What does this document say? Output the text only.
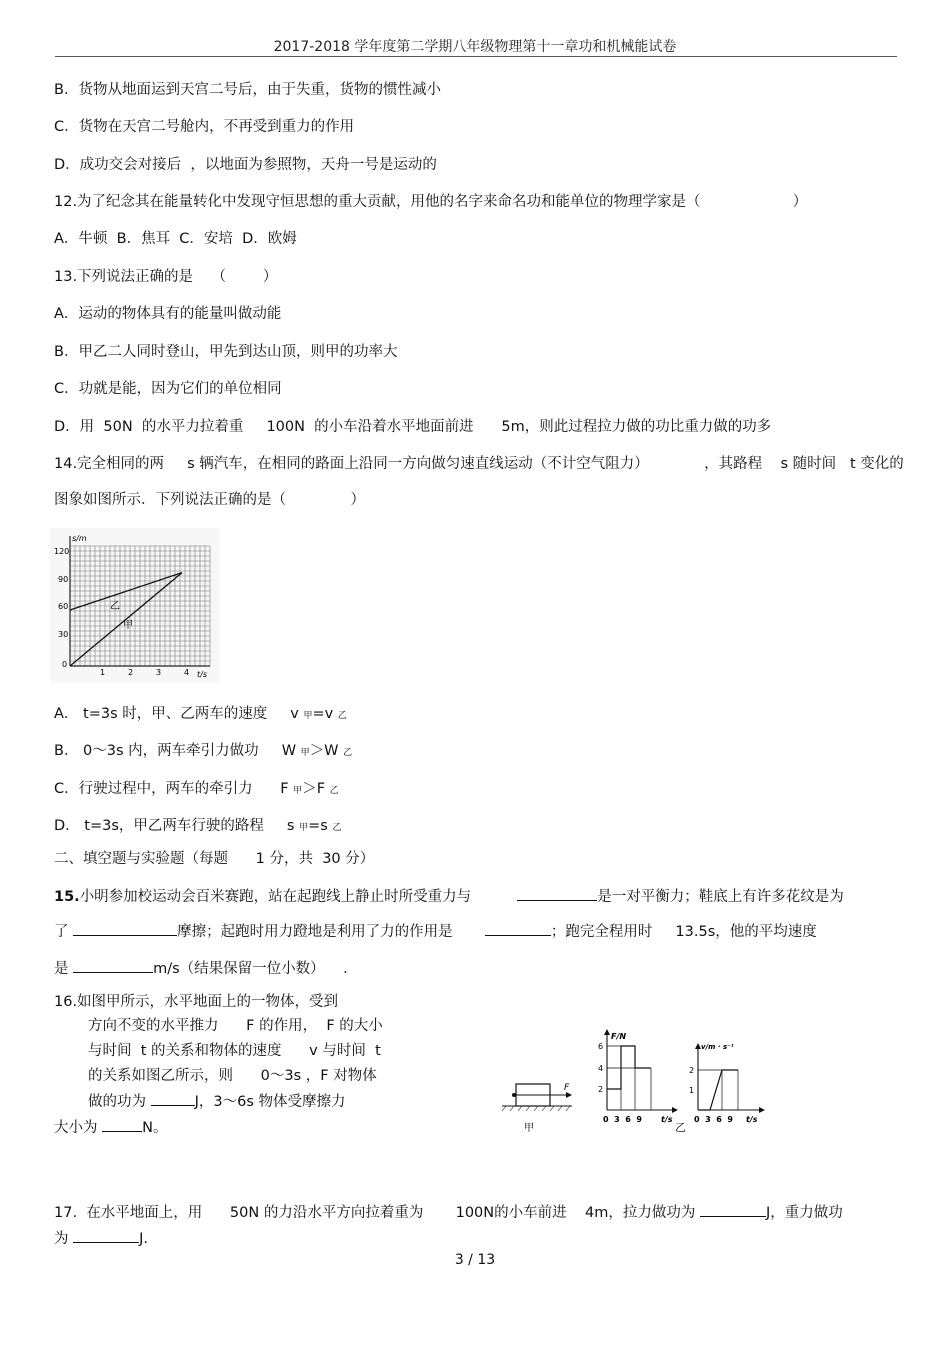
2017-2018 学年度第二学期八年级物理第十一章功和机械能试卷
B．货物从地面运到天宫二号后，由于失重，货物的惯性减小
C．货物在天宫二号舱内，不再受到重力的作用
D．成功交会对接后  ，以地面为参照物，天舟一号是运动的
12.为了纪念其在能量转化中发现守恒思想的重大贡献，用他的名字来命名功和能单位的物理学家是（                    ）
A．牛顿  B．焦耳  C．安培  D．欧姆
13.下列说法正确的是    （        ）
A．运动的物体具有的能量叫做动能
B．甲乙二人同时登山，甲先到达山顶，则甲的功率大
C．功就是能，因为它们的单位相同
D．用  50N  的水平力拉着重     100N  的小车沿着水平地面前进      5m，则此过程拉力做的功比重力做的功多
14.完全相同的两     s 辆汽车，在相同的路面上沿同一方向做匀速直线运动（不计空气阻力）            ，其路程    s 随时间   t 变化的
图象如图所示．下列说法正确的是（              ）
s/m
t/s
120
90
60
30
0
1	2	3	4
乙
甲
A． t=3s 时，甲、乙两车的速度     v 甲=v 乙
B． 0～3s 内，两车牵引力做功     W 甲＞W 乙
C．行驶过程中，两车的牵引力      F 甲＞F 乙
D． t=3s，甲乙两车行驶的路程     s 甲=s 乙
二、填空题与实验题（每题      1 分，共  30 分）
15.小明参加校运动会百米赛跑，站在起跑线上静止时所受重力与	是一对平衡力；鞋底上有许多花纹是为
了	摩擦；起跑时用力蹬地是利用了力的作用是	；跑完全程用时     13.5s，他的平均速度
是	m/s（结果保留一位小数）    .
16.如图甲所示，水平地面上的一物体，受到
方向不变的水平推力      F 的作用，  F 的大小
与时间  t 的关系和物体的速度      v 与时间  t
的关系如图乙所示，则      0～3s ，F 对物体
做的功为	J，3～6s 物体受摩擦力
大小为	N。
F
甲
F/N
6
4
2
0  3  6  9 t/s
乙
v/m · s⁻¹
2
1
0  3  6  9 t/s
17.  在水平地面上，用      50N 的力沿水平方向拉着重为       100N的小车前进    4m，拉力做功为	J，重力做功
为	J.
3 / 13
